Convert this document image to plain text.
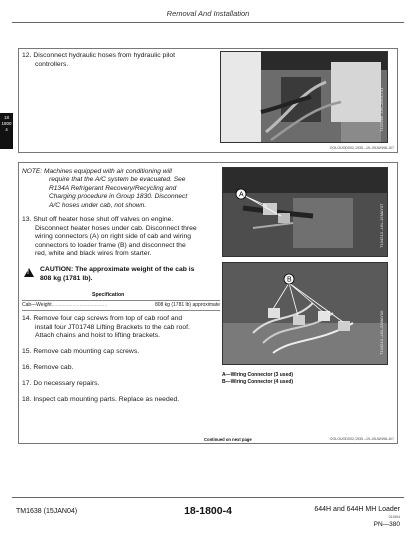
Removal And Installation
18
1800
4
12. Disconnect hydraulic hoses from hydraulic pilot
controllers.
T152048 –UN–29OCT01
OOLOUOD002,1935 –19–05JUN98–5/7
NOTE: Machines equipped with air conditioning will
require that the A/C system be evacuated. See
R134A Refrigerant Recovery/Recycling and
Charging procedure in Group 1830. Disconnect
A/C hoses under cab, not shown.
13. Shut off heater hose shut off valves on engine.
Disconnect heater hoses under cab. Disconnect three
wiring connectors (A) on right side of cab and wiring
connectors to loader frame (B) and disconnect the
red, white and black wires from starter.
! CAUTION: The approximate weight of the cab is
808 kg (1781 lb).
Specification
Cab—Weight ........................................	808 kg (1781 lb) approximate
14. Remove four cap screws from top of cab roof and
install four JT01748 Lifting Brackets to the cab roof.
Attach chains and hoist to lifting brackets.
15. Remove cab mounting cap screws.
16. Remove cab.
17. Do necessary repairs.
18. Inspect cab mounting parts. Replace as needed.
A
T134213 –UN–15MAY07
B
T134214 –UN–23MAY00
A—Wiring Connector (3 used)
B—Wiring Connector (4 used)
Continued on next page	OOLOUOD002,1935 –19–05JUN98–6/7
TM1638 (15JAN04)	18-1800-4	644H and 644H MH Loader
011504
PN—380
